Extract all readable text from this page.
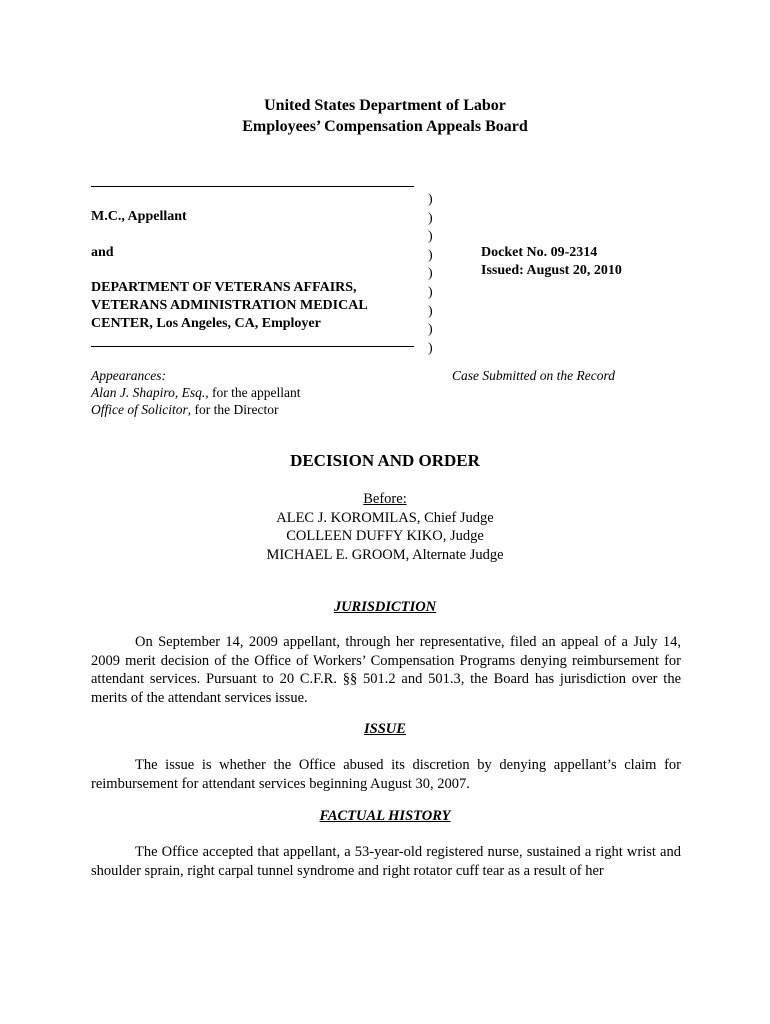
United States Department of Labor
Employees’ Compensation Appeals Board
)
)
)
)
)
)
)
)
)
M.C., Appellant
and
DEPARTMENT OF VETERANS AFFAIRS,
VETERANS ADMINISTRATION MEDICAL
CENTER, Los Angeles, CA, Employer
Docket No. 09-2314
Issued: August 20, 2010
Appearances:
Alan J. Shapiro, Esq., for the appellant
Office of Solicitor, for the Director
Case Submitted on the Record
DECISION AND ORDER
Before:
ALEC J. KOROMILAS, Chief Judge
COLLEEN DUFFY KIKO, Judge
MICHAEL E. GROOM, Alternate Judge
JURISDICTION
On September 14, 2009 appellant, through her representative, filed an appeal of a July 14, 2009 merit decision of the Office of Workers’ Compensation Programs denying reimbursement for attendant services. Pursuant to 20 C.F.R. §§ 501.2 and 501.3, the Board has jurisdiction over the merits of the attendant services issue.
ISSUE
The issue is whether the Office abused its discretion by denying appellant’s claim for reimbursement for attendant services beginning August 30, 2007.
FACTUAL HISTORY
The Office accepted that appellant, a 53-year-old registered nurse, sustained a right wrist and shoulder sprain, right carpal tunnel syndrome and right rotator cuff tear as a result of her
